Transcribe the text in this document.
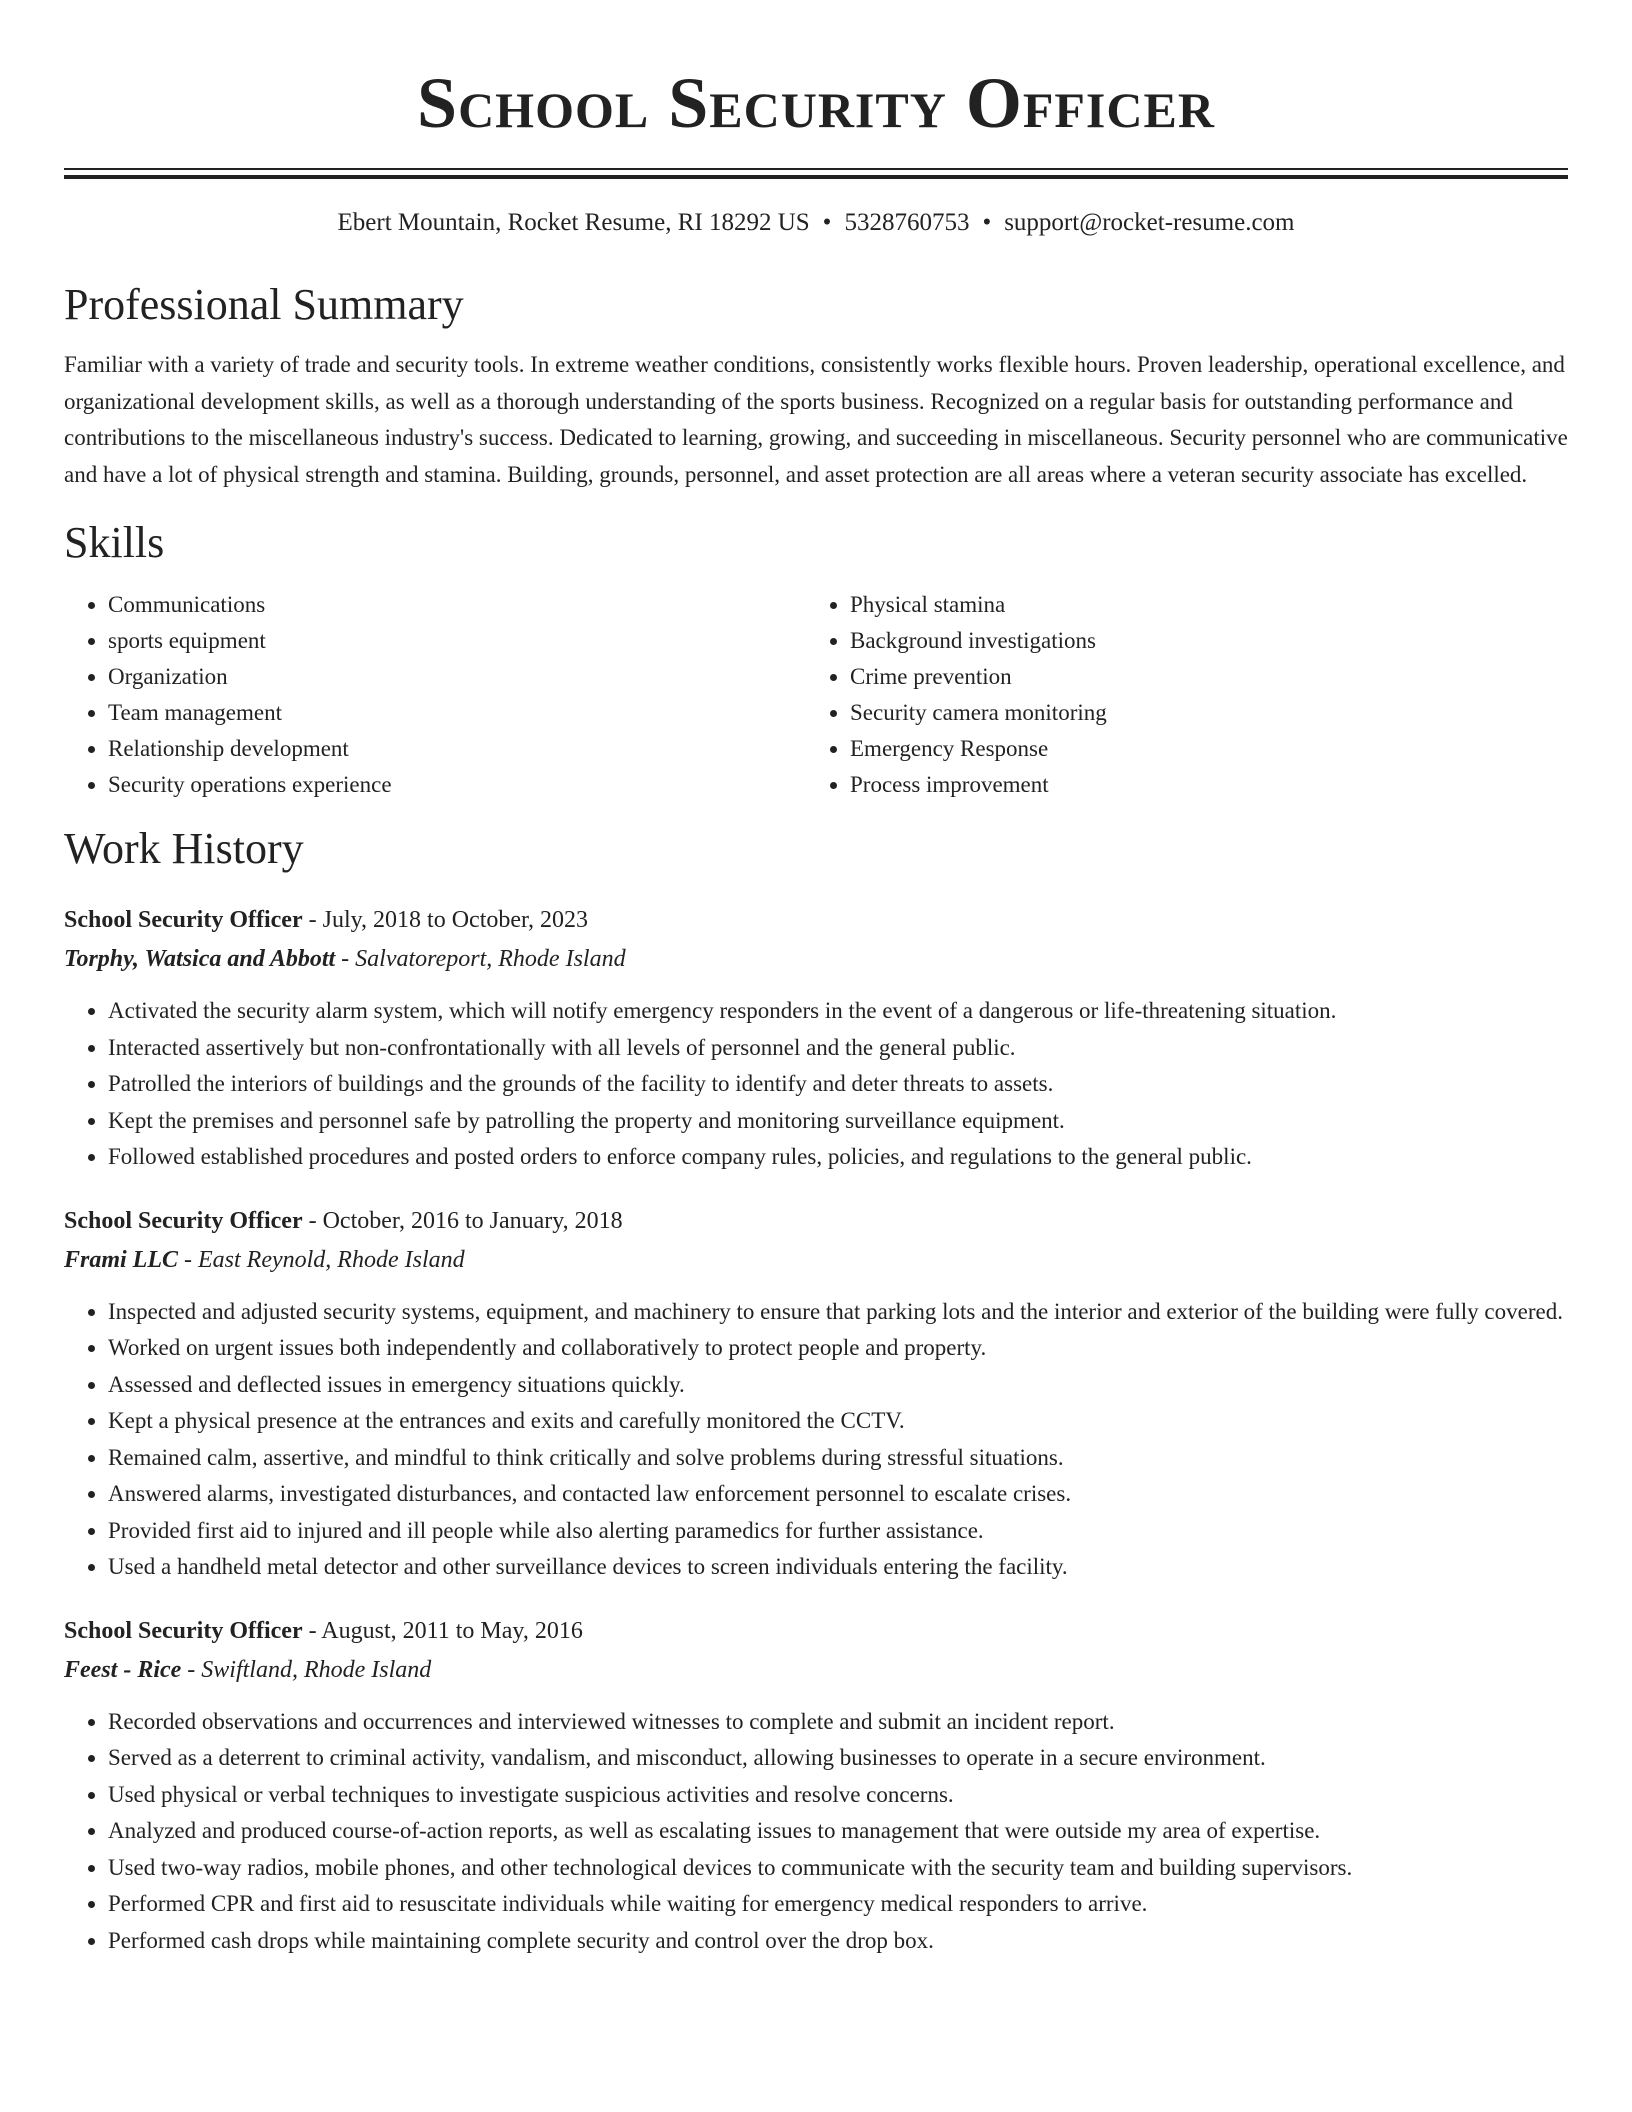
School Security Officer
Ebert Mountain, Rocket Resume, RI 18292 US • 5328760753 • support@rocket-resume.com
Professional Summary

Familiar with a variety of trade and security tools. In extreme weather conditions, consistently works flexible hours. Proven leadership, operational excellence, and organizational development skills, as well as a thorough understanding of the sports business. Recognized on a regular basis for outstanding performance and contributions to the miscellaneous industry's success. Dedicated to learning, growing, and succeeding in miscellaneous. Security personnel who are communicative and have a lot of physical strength and stamina. Building, grounds, personnel, and asset protection are all areas where a veteran security associate has excelled.

Skills
• Communications
• sports equipment
• Organization
• Team management
• Relationship development
• Security operations experience
• Physical stamina
• Background investigations
• Crime prevention
• Security camera monitoring
• Emergency Response
• Process improvement
Work History
School Security Officer - July, 2018 to October, 2023
Torphy, Watsica and Abbott - Salvatoreport, Rhode Island
• Activated the security alarm system, which will notify emergency responders in the event of a dangerous or life-threatening situation.
• Interacted assertively but non-confrontationally with all levels of personnel and the general public.
• Patrolled the interiors of buildings and the grounds of the facility to identify and deter threats to assets.
• Kept the premises and personnel safe by patrolling the property and monitoring surveillance equipment.
• Followed established procedures and posted orders to enforce company rules, policies, and regulations to the general public.
School Security Officer - October, 2016 to January, 2018
Frami LLC - East Reynold, Rhode Island
• Inspected and adjusted security systems, equipment, and machinery to ensure that parking lots and the interior and exterior of the building were fully covered.
• Worked on urgent issues both independently and collaboratively to protect people and property.
• Assessed and deflected issues in emergency situations quickly.
• Kept a physical presence at the entrances and exits and carefully monitored the CCTV.
• Remained calm, assertive, and mindful to think critically and solve problems during stressful situations.
• Answered alarms, investigated disturbances, and contacted law enforcement personnel to escalate crises.
• Provided first aid to injured and ill people while also alerting paramedics for further assistance.
• Used a handheld metal detector and other surveillance devices to screen individuals entering the facility.
School Security Officer - August, 2011 to May, 2016
Feest - Rice - Swiftland, Rhode Island
• Recorded observations and occurrences and interviewed witnesses to complete and submit an incident report.
• Served as a deterrent to criminal activity, vandalism, and misconduct, allowing businesses to operate in a secure environment.
• Used physical or verbal techniques to investigate suspicious activities and resolve concerns.
• Analyzed and produced course-of-action reports, as well as escalating issues to management that were outside my area of expertise.
• Used two-way radios, mobile phones, and other technological devices to communicate with the security team and building supervisors.
• Performed CPR and first aid to resuscitate individuals while waiting for emergency medical responders to arrive.
• Performed cash drops while maintaining complete security and control over the drop box.
